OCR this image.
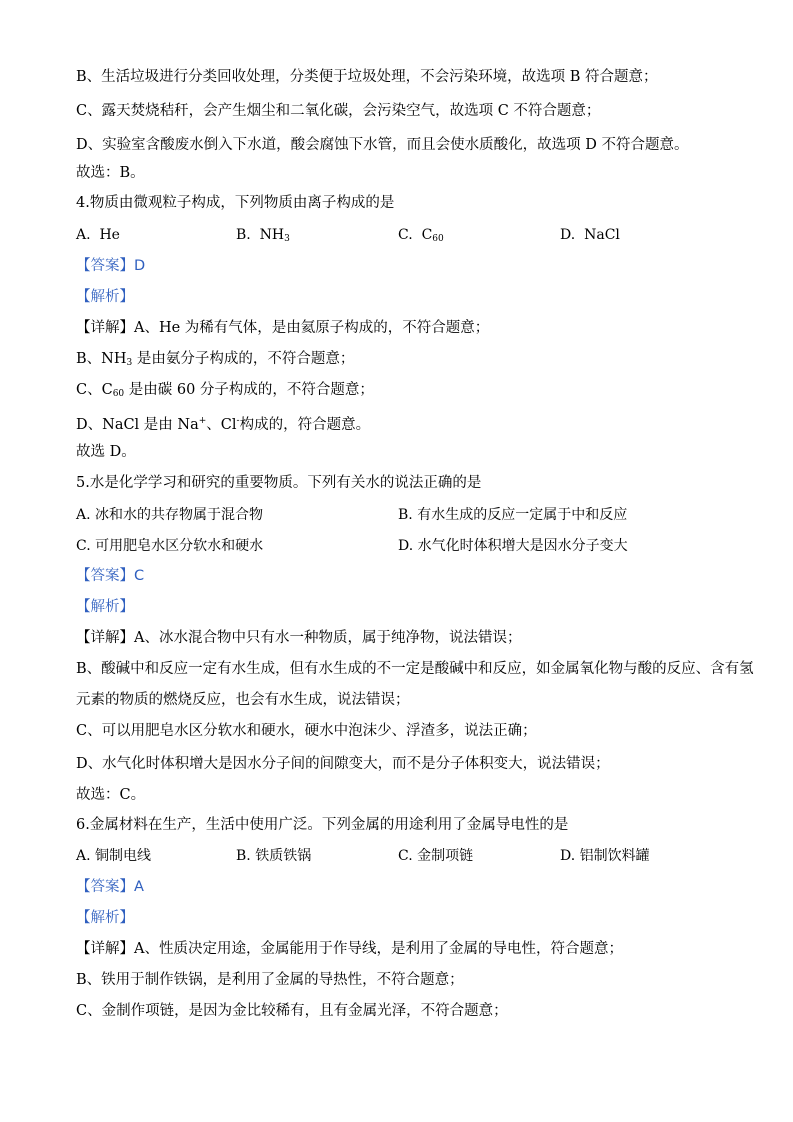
B、生活垃圾进行分类回收处理，分类便于垃圾处理，不会污染环境，故选项 B 符合题意；
C、露天焚烧秸秆，会产生烟尘和二氧化碳，会污染空气，故选项 C 不符合题意；
D、实验室含酸废水倒入下水道，酸会腐蚀下水管，而且会使水质酸化，故选项 D 不符合题意。
故选：B。
4.物质由微观粒子构成，下列物质由离子构成的是
A. He	B. $NH_3$	C. $C_{60}$	D. NaCl
【答案】D
【解析】
【详解】A、He 为稀有气体，是由氦原子构成的，不符合题意；
B、$NH_3$ 是由氨分子构成的，不符合题意；
C、$C_{60}$ 是由碳 60 分子构成的，不符合题意；
D、NaCl 是由 Na+、Cl-构成的，符合题意。
故选 D。
5.水是化学学习和研究的重要物质。下列有关水的说法正确的是
A. 冰和水的共存物属于混合物	B. 有水生成的反应一定属于中和反应
C. 可用肥皂水区分软水和硬水	D. 水气化时体积增大是因水分子变大
【答案】C
【解析】
【详解】A、冰水混合物中只有水一种物质，属于纯净物，说法错误；
B、酸碱中和反应一定有水生成，但有水生成的不一定是酸碱中和反应，如金属氧化物与酸的反应、含有氢
元素的物质的燃烧反应，也会有水生成，说法错误；
C、可以用肥皂水区分软水和硬水，硬水中泡沫少、浮渣多，说法正确；
D、水气化时体积增大是因水分子间的间隙变大，而不是分子体积变大，说法错误；
故选：C。
6.金属材料在生产，生活中使用广泛。下列金属的用途利用了金属导电性的是
A. 铜制电线	B. 铁质铁锅	C. 金制项链	D. 铝制饮料罐
【答案】A
【解析】
【详解】A、性质决定用途，金属能用于作导线，是利用了金属的导电性，符合题意；
B、铁用于制作铁锅，是利用了金属的导热性，不符合题意；
C、金制作项链，是因为金比较稀有，且有金属光泽，不符合题意；
